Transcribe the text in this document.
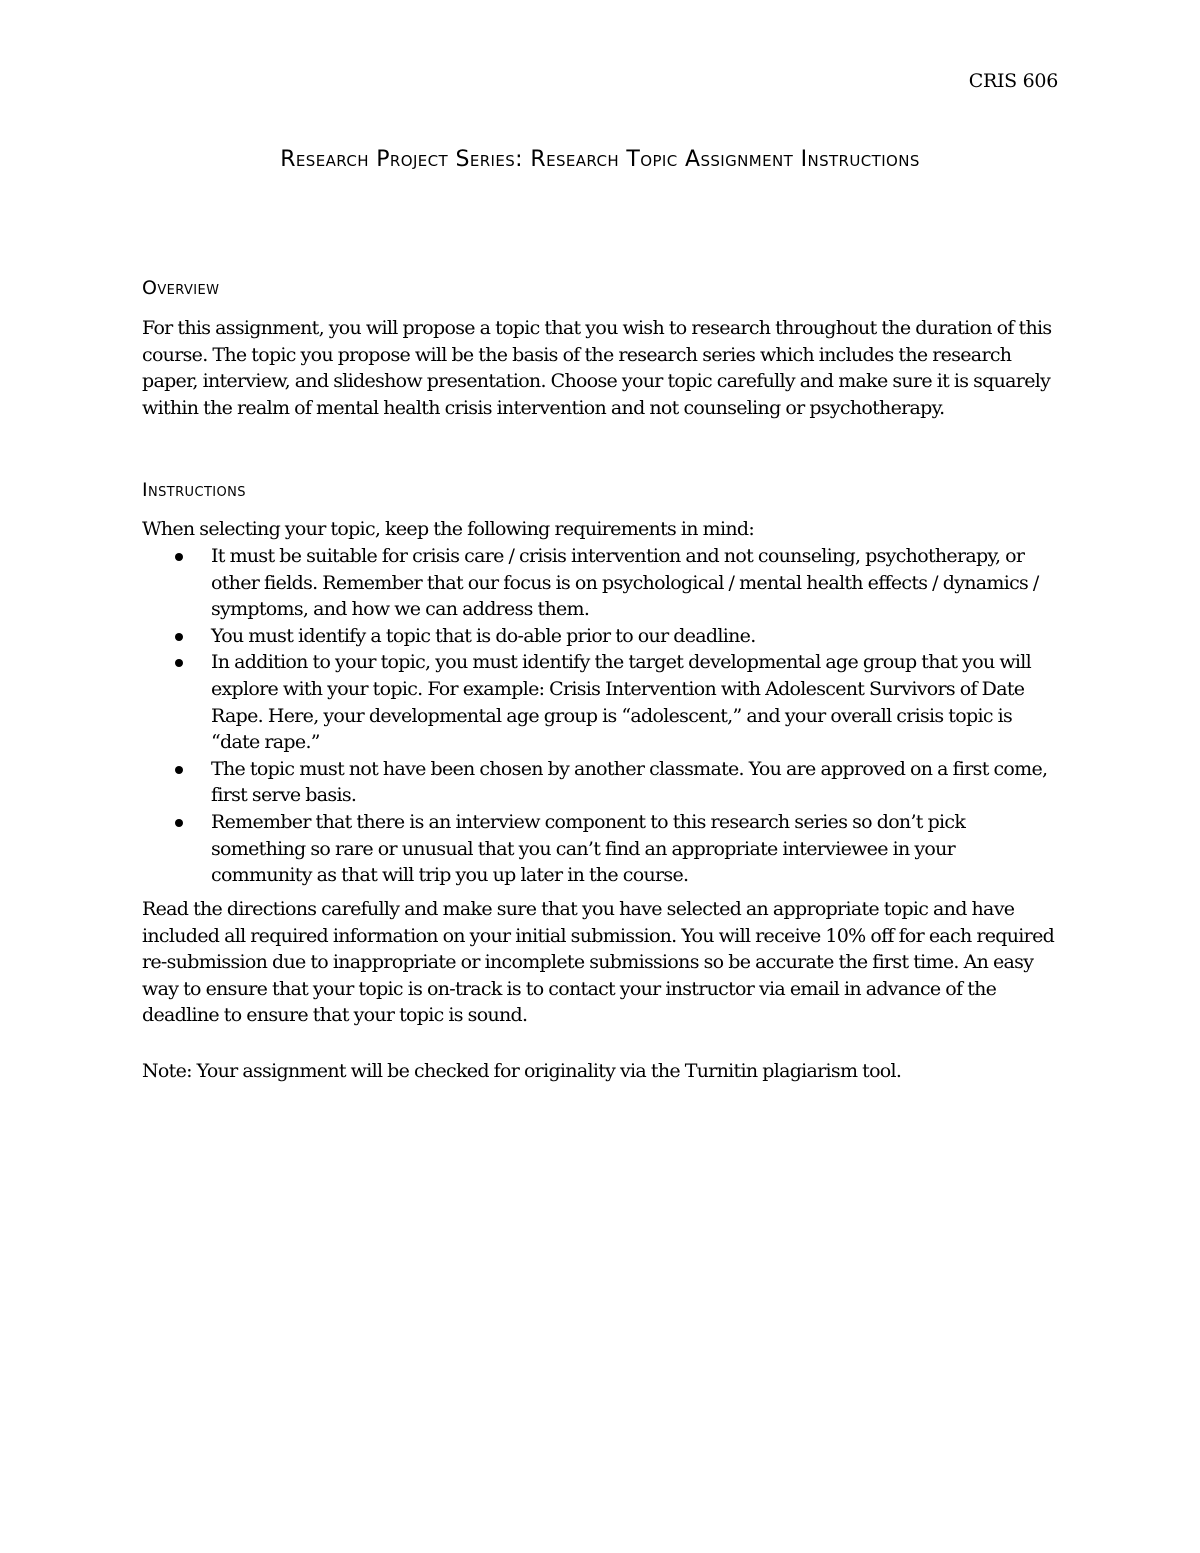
CRIS 606
Research Project Series: Research Topic Assignment Instructions
Overview

For this assignment, you will propose a topic that you wish to research throughout the duration of this course. The topic you propose will be the basis of the research series which includes the research paper, interview, and slideshow presentation. Choose your topic carefully and make sure it is squarely within the realm of mental health crisis intervention and not counseling or psychotherapy.

Instructions

When selecting your topic, keep the following requirements in mind:

It must be suitable for crisis care / crisis intervention and not counseling, psychotherapy, or other fields. Remember that our focus is on psychological / mental health effects / dynamics / symptoms, and how we can address them.
You must identify a topic that is do-able prior to our deadline.
In addition to your topic, you must identify the target developmental age group that you will explore with your topic. For example: Crisis Intervention with Adolescent Survivors of Date Rape. Here, your developmental age group is “adolescent,” and your overall crisis topic is “date rape.”
The topic must not have been chosen by another classmate. You are approved on a first come, first serve basis.
Remember that there is an interview component to this research series so don’t pick something so rare or unusual that you can’t find an appropriate interviewee in your community as that will trip you up later in the course.

Read the directions carefully and make sure that you have selected an appropriate topic and have included all required information on your initial submission. You will receive 10% off for each required re-submission due to inappropriate or incomplete submissions so be accurate the first time. An easy way to ensure that your topic is on-track is to contact your instructor via email in advance of the deadline to ensure that your topic is sound.

Note: Your assignment will be checked for originality via the Turnitin plagiarism tool.
